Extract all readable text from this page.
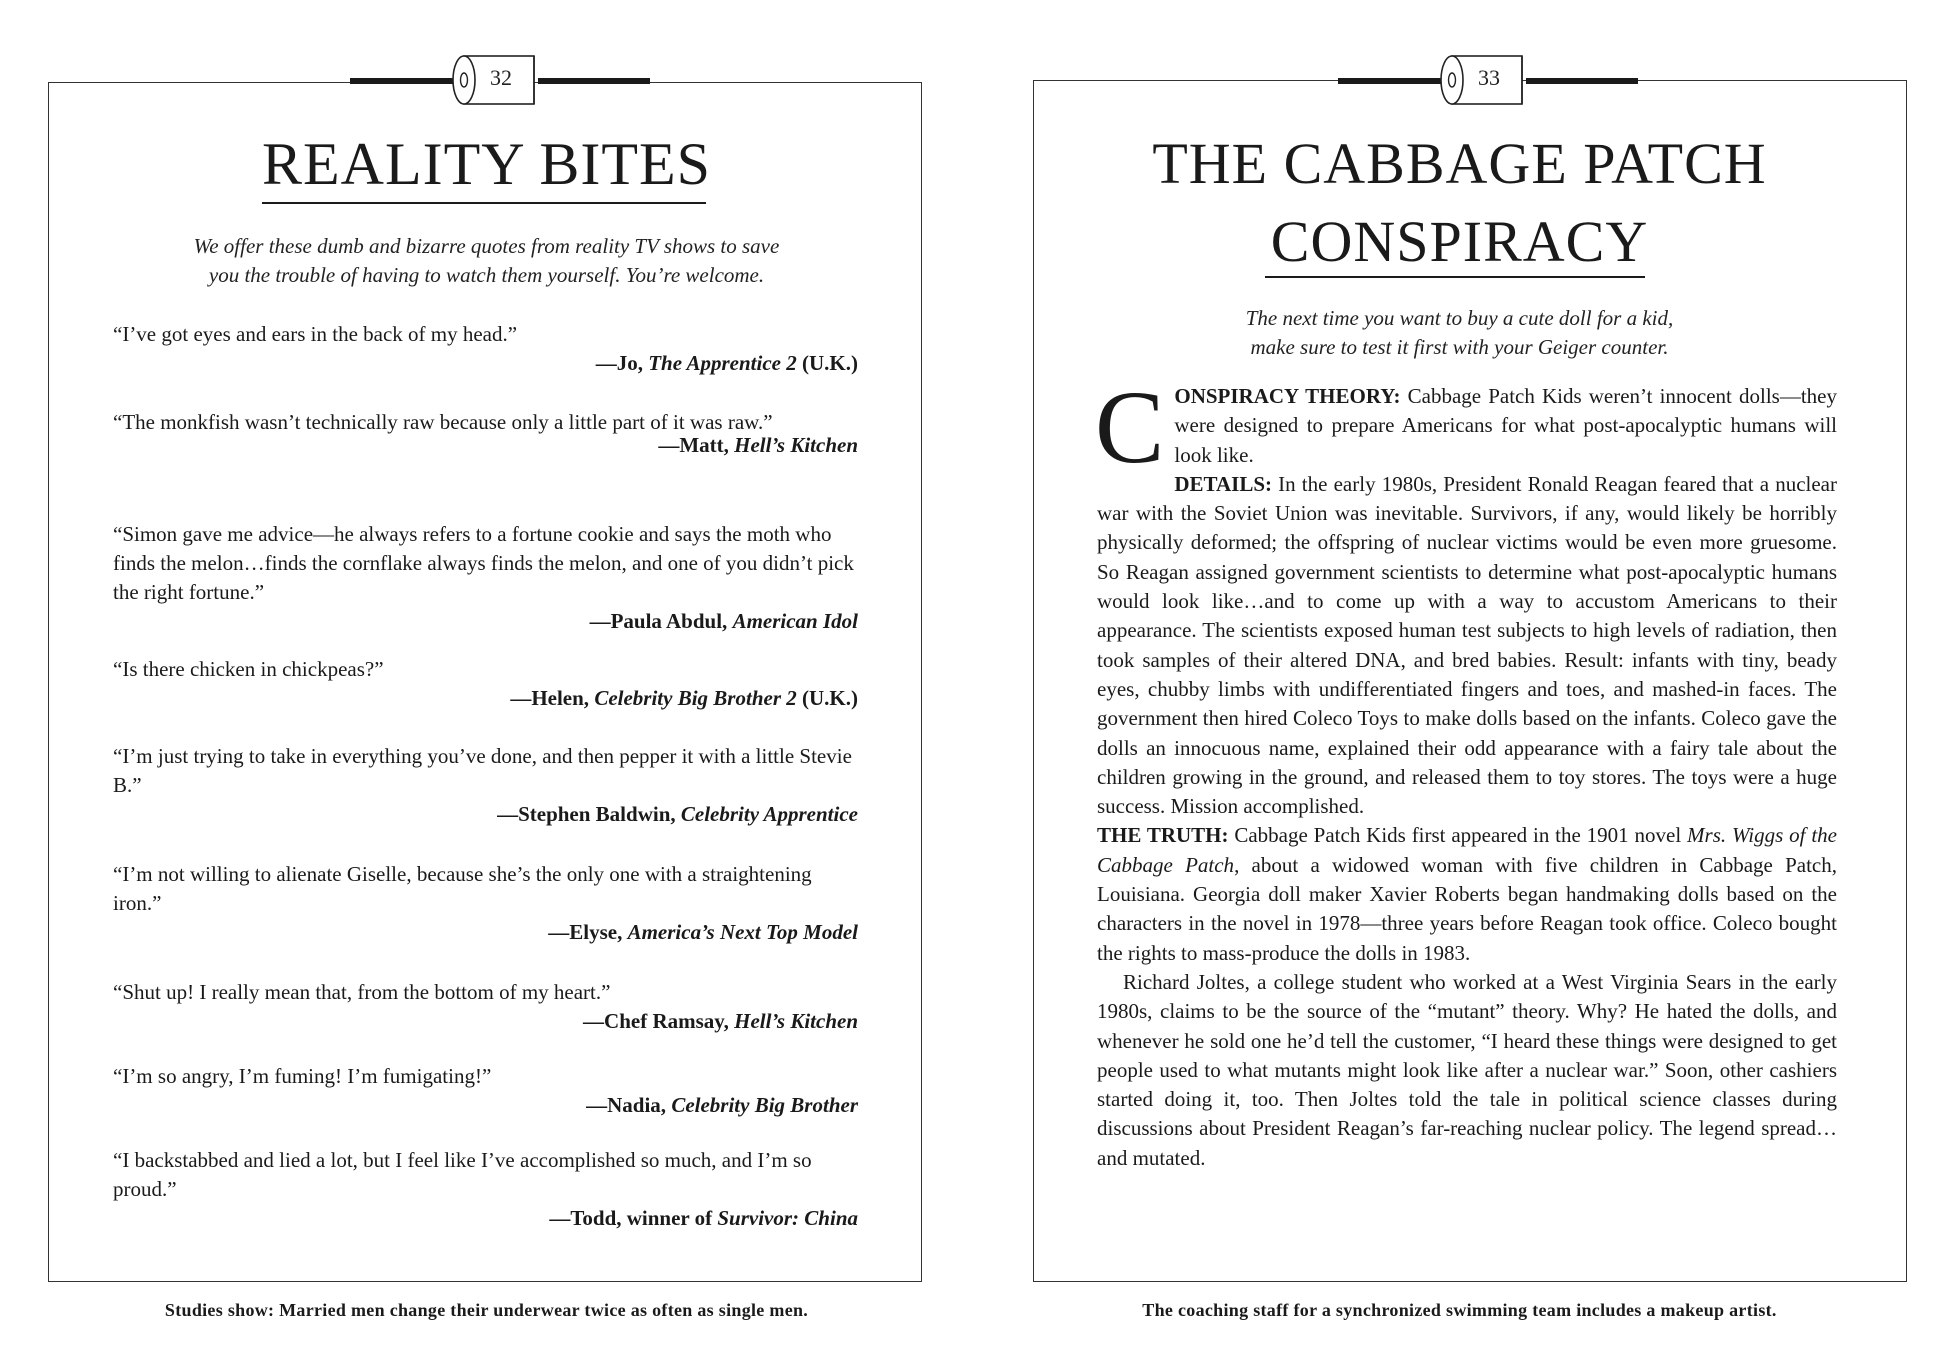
32
REALITY BITES
We offer these dumb and bizarre quotes from reality TV shows to save
you the trouble of having to watch them yourself. You’re welcome.

“I’ve got eyes and ears in the back of my head.”

—Jo, The Apprentice 2 (U.K.)

“The monkfish wasn’t technically raw because only a little part of it was raw.”

—Matt, Hell’s Kitchen

“Simon gave me advice—he always refers to a fortune cookie and says the moth who finds the melon…finds the cornflake always finds the melon, and one of you didn’t pick the right fortune.”

—Paula Abdul, American Idol

“Is there chicken in chickpeas?”

—Helen, Celebrity Big Brother 2 (U.K.)

“I’m just trying to take in everything you’ve done, and then pepper it with a little Stevie B.”

—Stephen Baldwin, Celebrity Apprentice

“I’m not willing to alienate Giselle, because she’s the only one with a straightening iron.”

—Elyse, America’s Next Top Model

“Shut up! I really mean that, from the bottom of my heart.”

—Chef Ramsay, Hell’s Kitchen

“I’m so angry, I’m fuming! I’m fumigating!”

—Nadia, Celebrity Big Brother

“I backstabbed and lied a lot, but I feel like I’ve accomplished so much, and I’m so proud.”

—Todd, winner of Survivor: China

Studies show: Married men change their underwear twice as often as single men.
33
THE CABBAGE PATCH
CONSPIRACY
The next time you want to buy a cute doll for a kid,
make sure to test it first with your Geiger counter.

CONSPIRACY THEORY: Cabbage Patch Kids weren’t innocent dolls—they were designed to prepare Americans for what post-apocalyptic humans will look like.

DETAILS: In the early 1980s, President Ronald Reagan feared that a nuclear war with the Soviet Union was inevitable. Survivors, if any, would likely be horribly physically deformed; the offspring of nuclear victims would be even more gruesome. So Reagan assigned government scientists to determine what post-apocalyptic humans would look like…and to come up with a way to accustom Americans to their appearance. The scientists exposed human test subjects to high levels of radiation, then took samples of their altered DNA, and bred babies. Result: infants with tiny, beady eyes, chubby limbs with undifferentiated fingers and toes, and mashed-in faces. The government then hired Coleco Toys to make dolls based on the infants. Coleco gave the dolls an innocuous name, explained their odd appearance with a fairy tale about the children growing in the ground, and released them to toy stores. The toys were a huge success. Mission accomplished.

THE TRUTH: Cabbage Patch Kids first appeared in the 1901 novel Mrs. Wiggs of the Cabbage Patch, about a widowed woman with five children in Cabbage Patch, Louisiana. Georgia doll maker Xavier Roberts began handmaking dolls based on the characters in the novel in 1978—three years before Reagan took office. Coleco bought the rights to mass-produce the dolls in 1983.

Richard Joltes, a college student who worked at a West Virginia Sears in the early 1980s, claims to be the source of the “mutant” theory. Why? He hated the dolls, and whenever he sold one he’d tell the customer, “I heard these things were designed to get people used to what mutants might look like after a nuclear war.” Soon, other cashiers started doing it, too. Then Joltes told the tale in political science classes during discussions about President Reagan’s far-reaching nuclear policy. The legend spread…and mutated.

The coaching staff for a synchronized swimming team includes a makeup artist.
